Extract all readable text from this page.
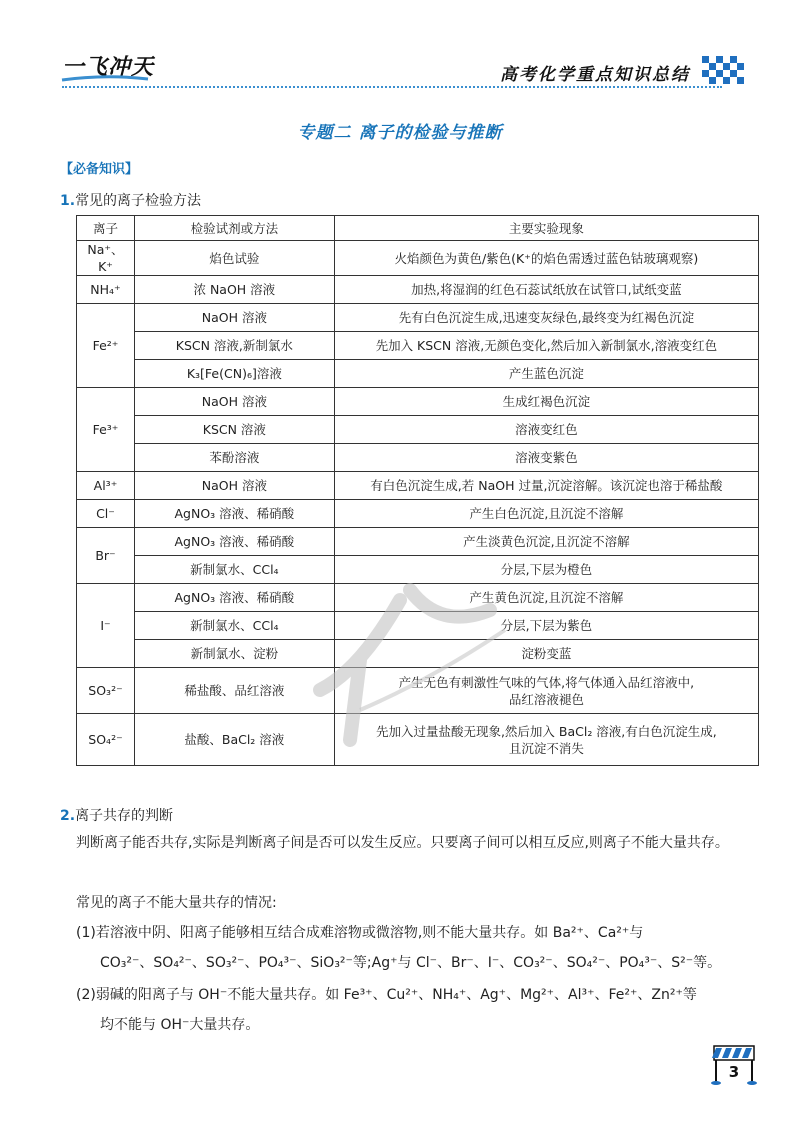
一飞冲天	高考化学重点知识总结
专题二 离子的检验与推断
【必备知识】
1.常见的离子检验方法
离子	检验试剂或方法	主要实验现象
Na⁺、K⁺	焰色试验	火焰颜色为黄色/紫色(K⁺的焰色需透过蓝色钴玻璃观察)
NH₄⁺	浓 NaOH 溶液	加热,将湿润的红色石蕊试纸放在试管口,试纸变蓝
Fe²⁺	NaOH 溶液	先有白色沉淀生成,迅速变灰绿色,最终变为红褐色沉淀
	KSCN 溶液,新制氯水	先加入 KSCN 溶液,无颜色变化,然后加入新制氯水,溶液变红色
	K₃[Fe(CN)₆]溶液	产生蓝色沉淀
Fe³⁺	NaOH 溶液	生成红褐色沉淀
	KSCN 溶液	溶液变红色
	苯酚溶液	溶液变紫色
Al³⁺	NaOH 溶液	有白色沉淀生成,若 NaOH 过量,沉淀溶解。该沉淀也溶于稀盐酸
Cl⁻	AgNO₃ 溶液、稀硝酸	产生白色沉淀,且沉淀不溶解
Br⁻	AgNO₃ 溶液、稀硝酸	产生淡黄色沉淀,且沉淀不溶解
	新制氯水、CCl₄	分层,下层为橙色
I⁻	AgNO₃ 溶液、稀硝酸	产生黄色沉淀,且沉淀不溶解
	新制氯水、CCl₄	分层,下层为紫色
	新制氯水、淀粉	淀粉变蓝
SO₃²⁻	稀盐酸、品红溶液	产生无色有刺激性气味的气体,将气体通入品红溶液中,
品红溶液褪色

SO₄²⁻	盐酸、BaCl₂ 溶液	先加入过量盐酸无现象,然后加入 BaCl₂ 溶液,有白色沉淀生成,
且沉淀不消失
2.离子共存的判断
判断离子能否共存,实际是判断离子间是否可以发生反应。只要离子间可以相互反应,则离子不能大量共存。
常见的离子不能大量共存的情况:
(1)若溶液中阴、阳离子能够相互结合成难溶物或微溶物,则不能大量共存。如 Ba²⁺、Ca²⁺与
CO₃²⁻、SO₄²⁻、SO₃²⁻、PO₄³⁻、SiO₃²⁻等;Ag⁺与 Cl⁻、Br⁻、I⁻、CO₃²⁻、SO₄²⁻、PO₄³⁻、S²⁻等。
(2)弱碱的阳离子与 OH⁻不能大量共存。如 Fe³⁺、Cu²⁺、NH₄⁺、Ag⁺、Mg²⁺、Al³⁺、Fe²⁺、Zn²⁺等
均不能与 OH⁻大量共存。
3
